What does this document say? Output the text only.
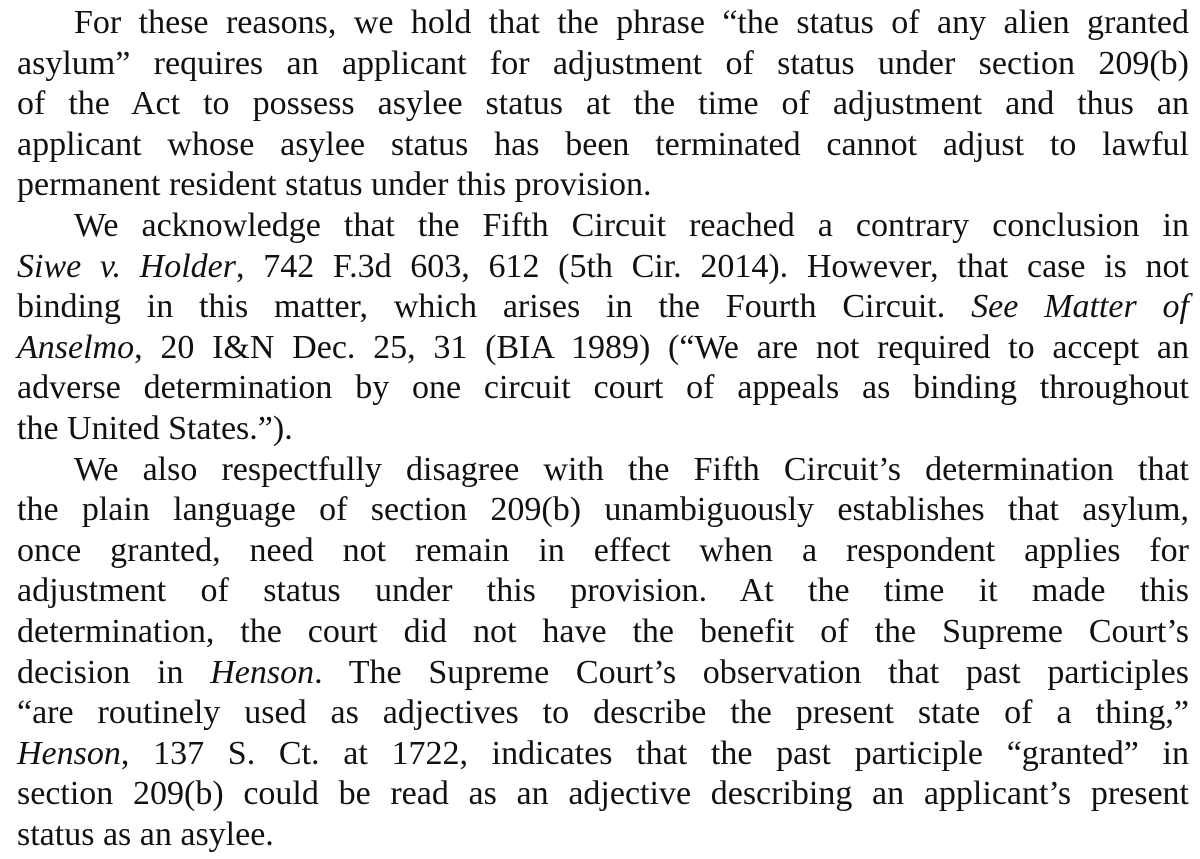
For these reasons, we hold that the phrase “the status of any alien granted
asylum” requires an applicant for adjustment of status under section 209(b)
of the Act to possess asylee status at the time of adjustment and thus an
applicant whose asylee status has been terminated cannot adjust to lawful
permanent resident status under this provision.
We acknowledge that the Fifth Circuit reached a contrary conclusion in
Siwe v. Holder, 742 F.3d 603, 612 (5th Cir. 2014). However, that case is not
binding in this matter, which arises in the Fourth Circuit. See Matter of
Anselmo, 20 I&N Dec. 25, 31 (BIA 1989) (“We are not required to accept an
adverse determination by one circuit court of appeals as binding throughout
the United States.”).
We also respectfully disagree with the Fifth Circuit’s determination that
the plain language of section 209(b) unambiguously establishes that asylum,
once granted, need not remain in effect when a respondent applies for
adjustment of status under this provision. At the time it made this
determination, the court did not have the benefit of the Supreme Court’s
decision in Henson. The Supreme Court’s observation that past participles
“are routinely used as adjectives to describe the present state of a thing,”
Henson, 137 S. Ct. at 1722, indicates that the past participle “granted” in
section 209(b) could be read as an adjective describing an applicant’s present
status as an asylee.
